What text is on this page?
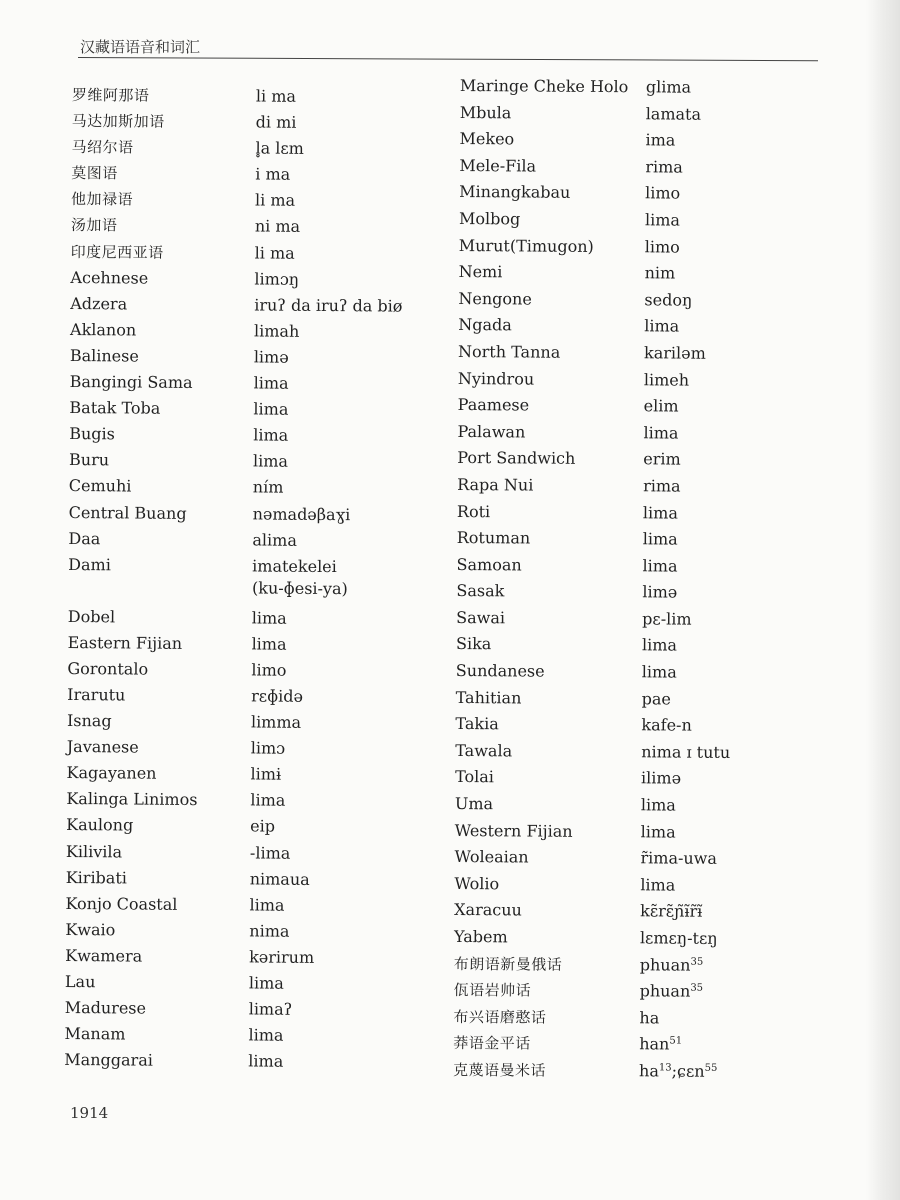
汉藏语语音和词汇
罗维阿那语	li ma
马达加斯加语	di mi
马绍尔语	l̥a lɛm
莫图语	i ma
他加禄语	li ma
汤加语	ni ma
印度尼西亚语	li ma
Acehnese	limɔŋ
Adzera	iruʔ da iruʔ da biø
Aklanon	limah
Balinese	limə
Bangingi Sama	lima
Batak Toba	lima
Bugis	lima
Buru	lima
Cemuhi	ním
Central Buang	nəmadəβaɣi
Daa	alima
Dami	imatekelei
(ku-ɸesi-ya)
Dobel	lima
Eastern Fijian	lima
Gorontalo	limo
Irarutu	rɛɸidə
Isnag	limma
Javanese	limɔ
Kagayanen	limɨ
Kalinga Linimos	lima
Kaulong	eip
Kilivila	-lima
Kiribati	nimaua
Konjo Coastal	lima
Kwaio	nima
Kwamera	kərirum
Lau	lima
Madurese	limaʔ
Manam	lima
Manggarai	lima
Maringe Cheke Holo glima
Mbula	lamata
Mekeo	ima
Mele-Fila	rima
Minangkabau	limo
Molbog	lima
Murut(Timugon)	limo
Nemi	nim
Nengone	sedoŋ
Ngada	lima
North Tanna	kariləm
Nyindrou	limeh
Paamese	elim
Palawan	lima
Port Sandwich	erim
Rapa Nui	rima
Roti	lima
Rotuman	lima
Samoan	lima
Sasak	limə
Sawai	pɛ-lim
Sika	lima
Sundanese	lima
Tahitian	pae
Takia	kafe-n
Tawala	nima ɪ tutu
Tolai	ilimə
Uma	lima
Western Fijian	lima
Woleaian	r̃ima-uwa
Wolio	lima
Xaracuu	kɛ̃rɛ̃ɲ̃ɨ̃r̃ɨ̃
Yabem	lɛmɛŋ-tɛŋ
布朗语新曼俄话	phuan$^{35}$
佤语岩帅话	phuan$^{35}$
布兴语磨憨话	ha
莽语金平话	han$^{51}$
克蔑语曼米话	$ha^{13};ɕɛn^{55}$
1914
